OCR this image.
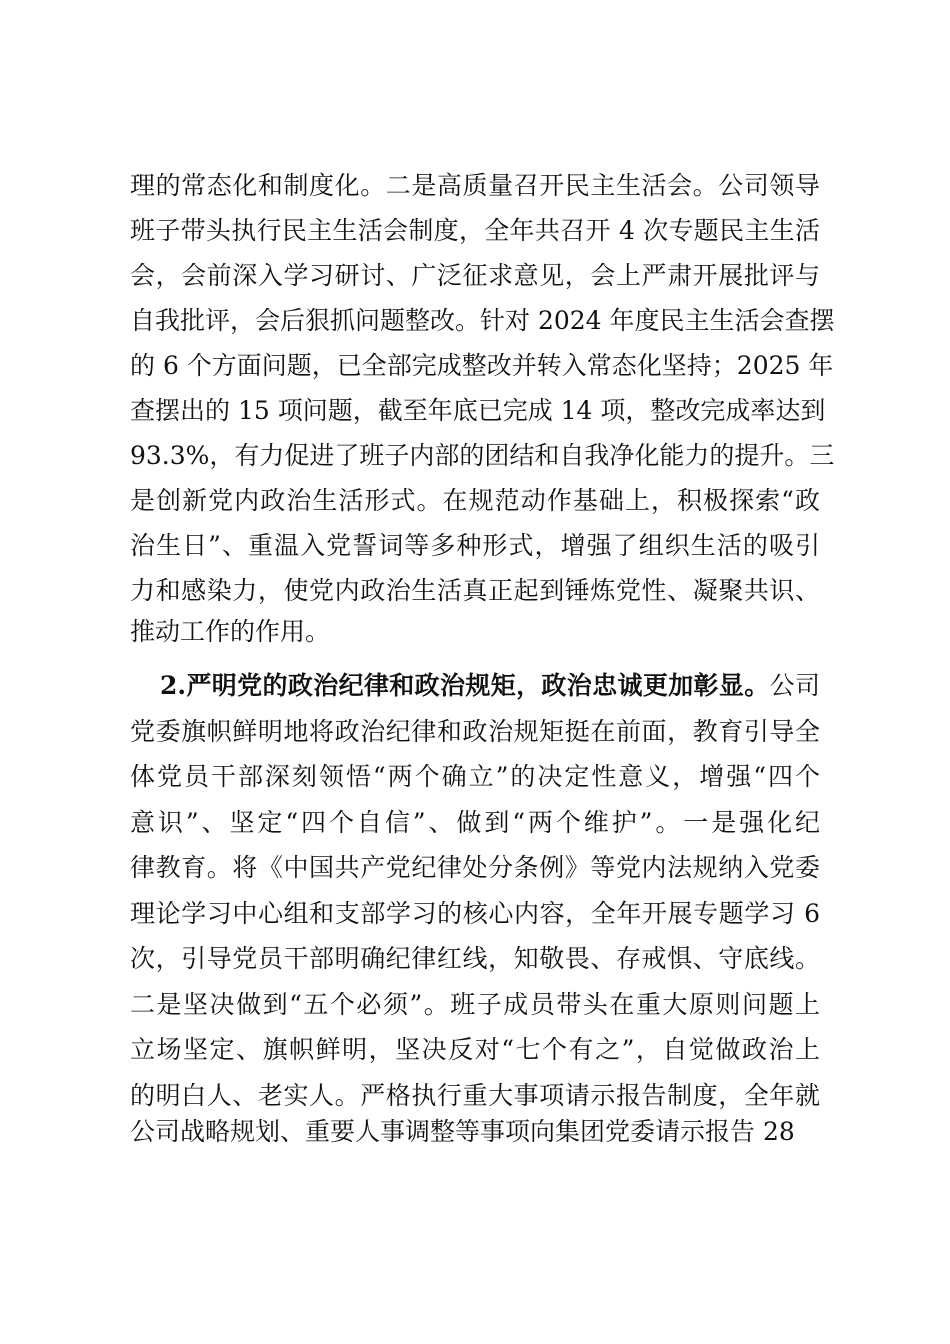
理的常态化和制度化。二是高质量召开民主生活会。公司领导
班子带头执行民主生活会制度，全年共召开 4 次专题民主生活
会，会前深入学习研讨、广泛征求意见，会上严肃开展批评与
自我批评，会后狠抓问题整改。针对 2024 年度民主生活会查摆
的 6 个方面问题，已全部完成整改并转入常态化坚持；2025 年
查摆出的 15 项问题，截至年底已完成 14 项，整改完成率达到
93.3%，有力促进了班子内部的团结和自我净化能力的提升。三
是创新党内政治生活形式。在规范动作基础上，积极探索“政
治生日”、重温入党誓词等多种形式，增强了组织生活的吸引
力和感染力，使党内政治生活真正起到锤炼党性、凝聚共识、
推动工作的作用。
2.严明党的政治纪律和政治规矩，政治忠诚更加彰显。公司
党委旗帜鲜明地将政治纪律和政治规矩挺在前面，教育引导全
体党员干部深刻领悟“两个确立”的决定性意义，增强“四个
意识”、坚定“四个自信”、做到“两个维护”。一是强化纪
律教育。将《中国共产党纪律处分条例》等党内法规纳入党委
理论学习中心组和支部学习的核心内容，全年开展专题学习 6
次，引导党员干部明确纪律红线，知敬畏、存戒惧、守底线。
二是坚决做到“五个必须”。班子成员带头在重大原则问题上
立场坚定、旗帜鲜明，坚决反对“七个有之”，自觉做政治上
的明白人、老实人。严格执行重大事项请示报告制度，全年就
公司战略规划、重要人事调整等事项向集团党委请示报告 28
